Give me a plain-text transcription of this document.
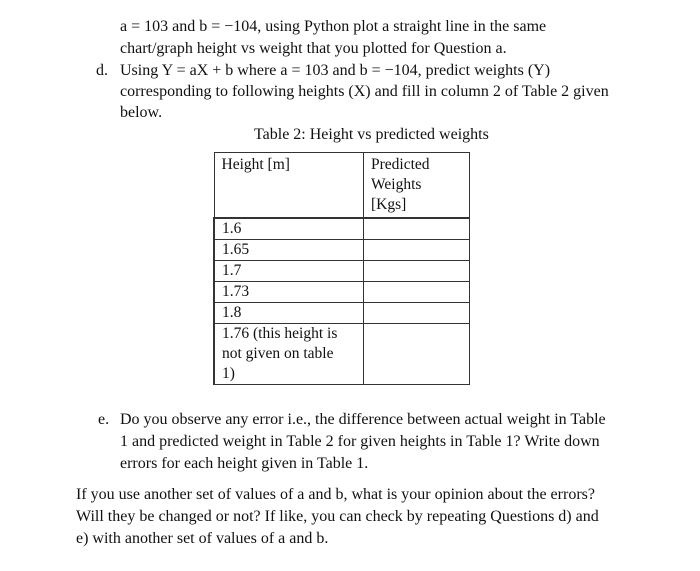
a = 103 and b = −104, using Python plot a straight line in the same
chart/graph height vs weight that you plotted for Question a.
d. Using Y = aX + b where a = 103 and b = −104, predict weights (Y)
corresponding to following heights (X) and fill in column 2 of Table 2 given
below.
Table 2: Height vs predicted weights
Height [m]	Predicted
Weights
[Kgs]
1.6	
1.65	
1.7	
1.73	
1.8	
1.76 (this height is
not given on table
1)	
e. Do you observe any error i.e., the difference between actual weight in Table
1 and predicted weight in Table 2 for given heights in Table 1? Write down
errors for each height given in Table 1.
If you use another set of values of a and b, what is your opinion about the errors?
Will they be changed or not? If like, you can check by repeating Questions d) and
e) with another set of values of a and b.
